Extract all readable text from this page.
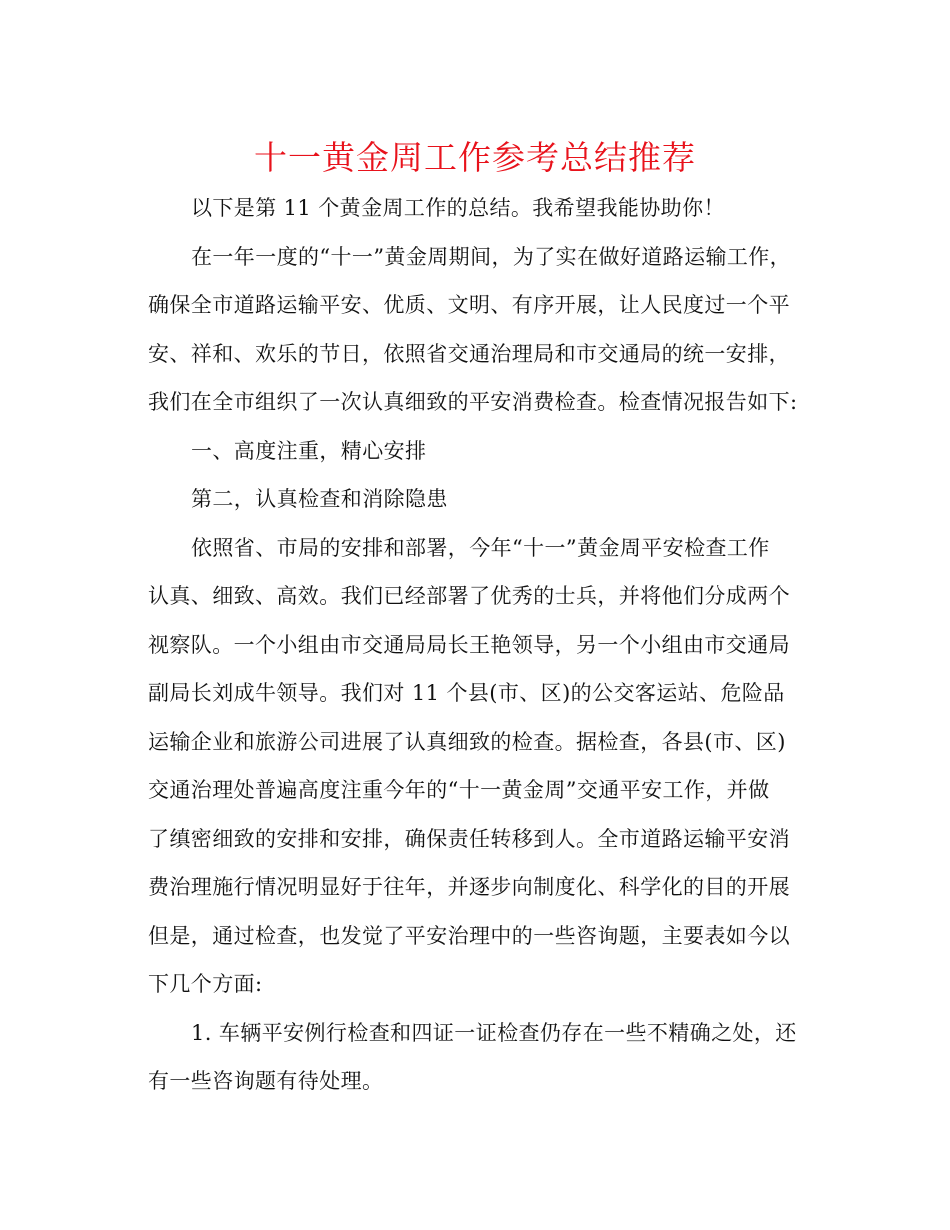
十一黄金周工作参考总结推荐
以下是第 11 个黄金周工作的总结。我希望我能协助你！
在一年一度的“十一”黄金周期间，为了实在做好道路运输工作，
确保全市道路运输平安、优质、文明、有序开展，让人民度过一个平
安、祥和、欢乐的节日，依照省交通治理局和市交通局的统一安排，
我们在全市组织了一次认真细致的平安消费检查。检查情况报告如下:
一、高度注重，精心安排
第二，认真检查和消除隐患
依照省、市局的安排和部署，今年“十一”黄金周平安检查工作
认真、细致、高效。我们已经部署了优秀的士兵，并将他们分成两个
视察队。一个小组由市交通局局长王艳领导，另一个小组由市交通局
副局长刘成牛领导。我们对 11 个县(市、区)的公交客运站、危险品
运输企业和旅游公司进展了认真细致的检查。据检查，各县(市、区)
交通治理处普遍高度注重今年的“十一黄金周”交通平安工作，并做
了缜密细致的安排和安排，确保责任转移到人。全市道路运输平安消
费治理施行情况明显好于往年，并逐步向制度化、科学化的目的开展
但是，通过检查，也发觉了平安治理中的一些咨询题，主要表如今以
下几个方面:
1. 车辆平安例行检查和四证一证检查仍存在一些不精确之处，还
有一些咨询题有待处理。
